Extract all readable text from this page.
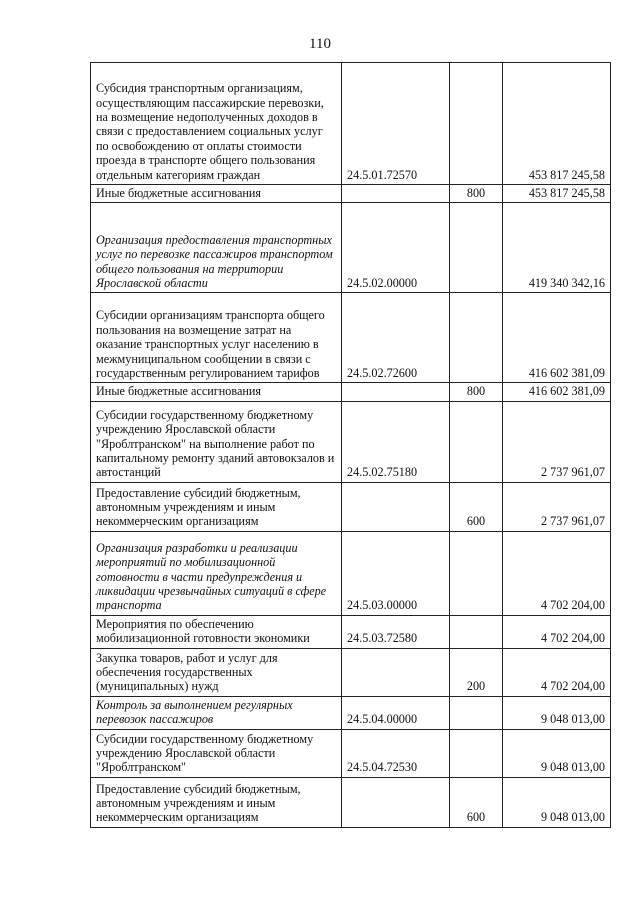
110
Субсидия транспортным организациям, осуществляющим пассажирские перевозки, на возмещение недополученных доходов в связи с предоставлением социальных услуг по освобождению от оплаты стоимости проезда в транспорте общего пользования отдельным категориям граждан	24.5.01.72570		453 817 245,58
Иные бюджетные ассигнования		800	453 817 245,58
Организация предоставления транспортных услуг по перевозке пассажиров транспортом общего пользования на территории Ярославской области	24.5.02.00000		419 340 342,16
Субсидии организациям транспорта общего пользования на возмещение затрат на оказание транспортных услуг населению в межмуниципальном сообщении в связи с государственным регулированием тарифов	24.5.02.72600		416 602 381,09
Иные бюджетные ассигнования		800	416 602 381,09
Субсидии государственному бюджетному учреждению Ярославской области "Яроблтранском" на выполнение работ по капитальному ремонту зданий автовокзалов и автостанций	24.5.02.75180		2 737 961,07
Предоставление субсидий бюджетным, автономным учреждениям и иным некоммерческим организациям		600	2 737 961,07
Организация разработки и реализации мероприятий по мобилизационной готовности в части предупреждения и ликвидации чрезвычайных ситуаций в сфере транспорта	24.5.03.00000		4 702 204,00
Мероприятия по обеспечению мобилизационной готовности экономики	24.5.03.72580		4 702 204,00
Закупка товаров, работ и услуг для обеспечения государственных (муниципальных) нужд		200	4 702 204,00
Контроль за выполнением регулярных перевозок пассажиров	24.5.04.00000		9 048 013,00
Субсидии государственному бюджетному учреждению Ярославской области "Яроблтранском"	24.5.04.72530		9 048 013,00
Предоставление субсидий бюджетным, автономным учреждениям и иным некоммерческим организациям		600	9 048 013,00
